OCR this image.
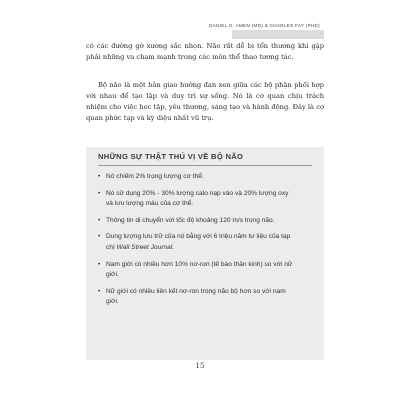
DANIEL G. AMEN (MD) & CHARLES FAY (PHD)

có các đường gờ xương sắc nhọn. Não rất dễ bị tổn thương khi gặp phải những va chạm mạnh trong các môn thể thao tương tác.

Bộ não là một bản giao hưởng đan xen giữa các bộ phận phối hợp với nhau để tạo lập và duy trì sự sống. Nó là cơ quan chịu trách nhiệm cho việc học tập, yêu thương, sáng tạo và hành động. Đây là cơ quan phức tạp và kỳ diệu nhất vũ trụ.

NHỮNG SỰ THẬT THÚ VỊ VỀ BỘ NÃO
• Nó chiếm 2% trọng lượng cơ thể.
• Nó sử dụng 20% - 30% lượng calo nạp vào và 20% lượng oxy và lưu lượng máu của cơ thể.
• Thông tin di chuyển với tốc độ khoảng 120 m/s trong não.
• Dung lượng lưu trữ của nó bằng với 6 triệu năm tư liệu của tạp chí Wall Street Journal.
• Nam giới có nhiều hơn 10% nơ-ron (tế bào thần kinh) so với nữ giới.
• Nữ giới có nhiều liên kết nơ-ron trong não bộ hơn so với nam giới.
15
